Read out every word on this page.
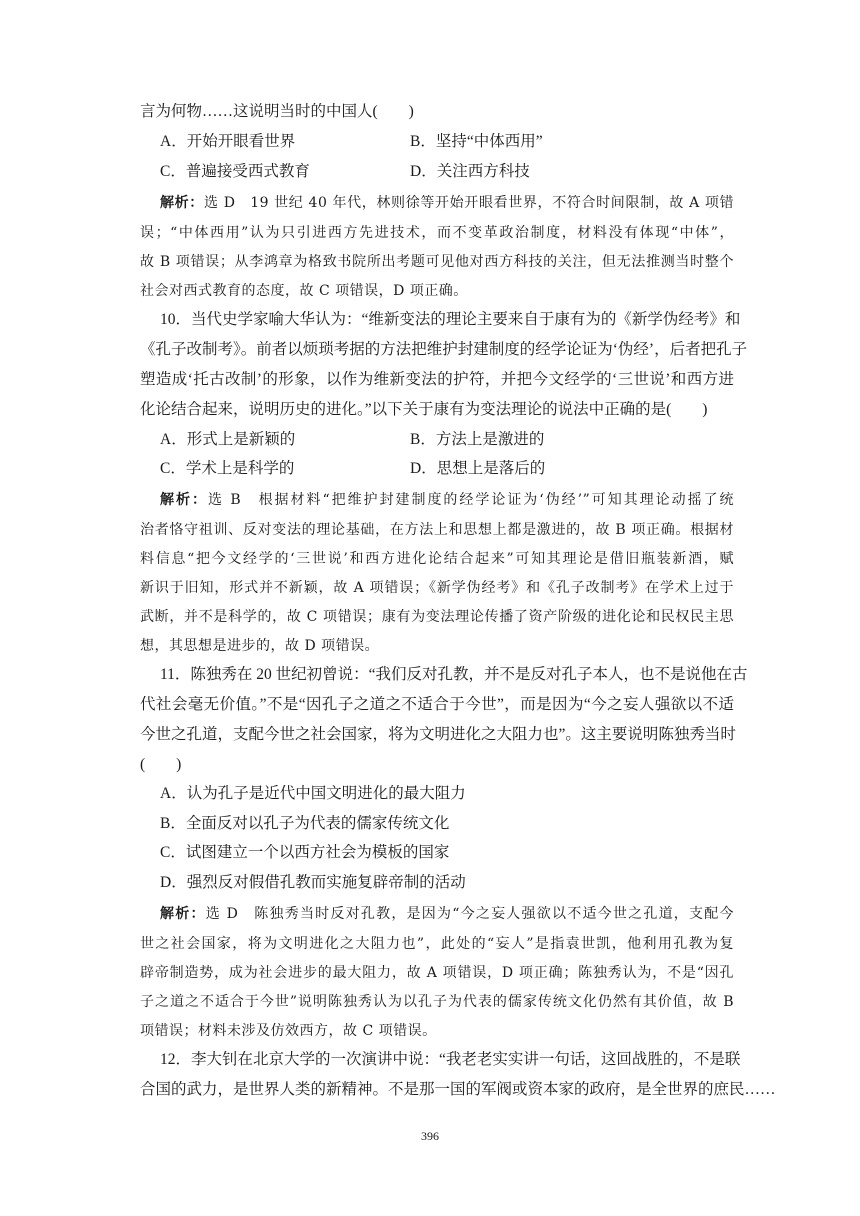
言为何物……这说明当时的中国人(　　)
A．开始开眼看世界	B．坚持“中体西用”
C．普遍接受西式教育	D．关注西方科技
解析：选 D　19 世纪 40 年代，林则徐等开始开眼看世界，不符合时间限制，故 A 项错
误；“中体西用”认为只引进西方先进技术，而不变革政治制度，材料没有体现“中体”，
故 B 项错误；从李鸿章为格致书院所出考题可见他对西方科技的关注，但无法推测当时整个
社会对西式教育的态度，故 C 项错误，D 项正确。
10．当代史学家喻大华认为：“维新变法的理论主要来自于康有为的《新学伪经考》和
《孔子改制考》。前者以烦琐考据的方法把维护封建制度的经学论证为‘伪经’，后者把孔子
塑造成‘托古改制’的形象，以作为维新变法的护符，并把今文经学的‘三世说’和西方进
化论结合起来，说明历史的进化。”以下关于康有为变法理论的说法中正确的是(　　)
A．形式上是新颖的	B．方法上是激进的
C．学术上是科学的	D．思想上是落后的
解析：选 B　根据材料“把维护封建制度的经学论证为‘伪经’”可知其理论动摇了统
治者恪守祖训、反对变法的理论基础，在方法上和思想上都是激进的，故 B 项正确。根据材
料信息“把今文经学的‘三世说’和西方进化论结合起来”可知其理论是借旧瓶装新酒，赋
新识于旧知，形式并不新颖，故 A 项错误；《新学伪经考》和《孔子改制考》在学术上过于
武断，并不是科学的，故 C 项错误；康有为变法理论传播了资产阶级的进化论和民权民主思
想，其思想是进步的，故 D 项错误。
11．陈独秀在 20 世纪初曾说：“我们反对孔教，并不是反对孔子本人，也不是说他在古
代社会毫无价值。”不是“因孔子之道之不适合于今世”，而是因为“今之妄人强欲以不适
今世之孔道，支配今世之社会国家，将为文明进化之大阻力也”。这主要说明陈独秀当时
(　　)
A．认为孔子是近代中国文明进化的最大阻力
B．全面反对以孔子为代表的儒家传统文化
C．试图建立一个以西方社会为模板的国家
D．强烈反对假借孔教而实施复辟帝制的活动
解析：选 D　陈独秀当时反对孔教，是因为“今之妄人强欲以不适今世之孔道，支配今
世之社会国家，将为文明进化之大阻力也”，此处的“妄人”是指袁世凯，他利用孔教为复
辟帝制造势，成为社会进步的最大阻力，故 A 项错误，D 项正确；陈独秀认为，不是“因孔
子之道之不适合于今世”说明陈独秀认为以孔子为代表的儒家传统文化仍然有其价值，故 B
项错误；材料未涉及仿效西方，故 C 项错误。
12．李大钊在北京大学的一次演讲中说：“我老老实实讲一句话，这回战胜的，不是联
合国的武力，是世界人类的新精神。不是那一国的军阀或资本家的政府，是全世界的庶民……
396
